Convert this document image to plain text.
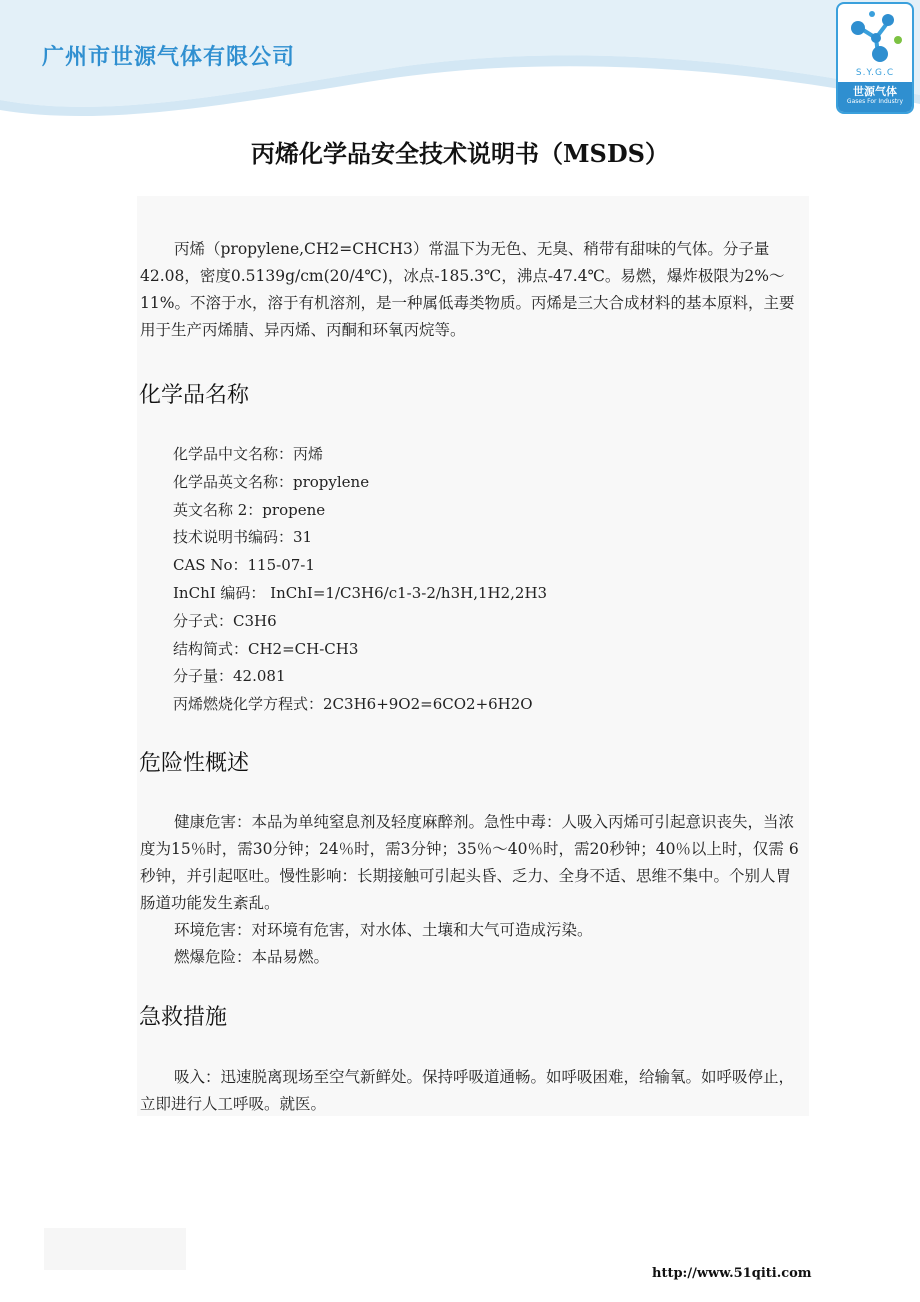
广州市世源气体有限公司
S.Y.G.C
世源气体
Gases For Industry
丙烯化学品安全技术说明书（MSDS）

丙烯（propylene,CH2=CHCH3）常温下为无色、无臭、稍带有甜味的气体。分子量42.08，密度0.5139g/cm(20/4℃)，冰点-185.3℃，沸点-47.4℃。易燃，爆炸极限为2%～11%。不溶于水，溶于有机溶剂，是一种属低毒类物质。丙烯是三大合成材料的基本原料，主要用于生产丙烯腈、异丙烯、丙酮和环氧丙烷等。

化学品名称
化学品中文名称：丙烯
化学品英文名称：propylene
英文名称 2：propene
技术说明书编码：31
CAS No：115-07-1
InChI 编码： InChI=1/C3H6/c1-3-2/h3H,1H2,2H3
分子式：C3H6
结构简式：CH2=CH-CH3
分子量：42.081
丙烯燃烧化学方程式：2C3H6+9O2=6CO2+6H2O
危险性概述

健康危害：本品为单纯窒息剂及轻度麻醉剂。急性中毒：人吸入丙烯可引起意识丧失，当浓度为15％时，需30分钟；24％时，需3分钟；35％～40％时，需20秒钟；40％以上时，仅需 6 秒钟，并引起呕吐。慢性影响：长期接触可引起头昏、乏力、全身不适、思维不集中。个别人胃肠道功能发生紊乱。

环境危害：对环境有危害，对水体、土壤和大气可造成污染。

燃爆危险：本品易燃。

急救措施

吸入：迅速脱离现场至空气新鲜处。保持呼吸道通畅。如呼吸困难，给输氧。如呼吸停止，立即进行人工呼吸。就医。

http://www.51qiti.com
